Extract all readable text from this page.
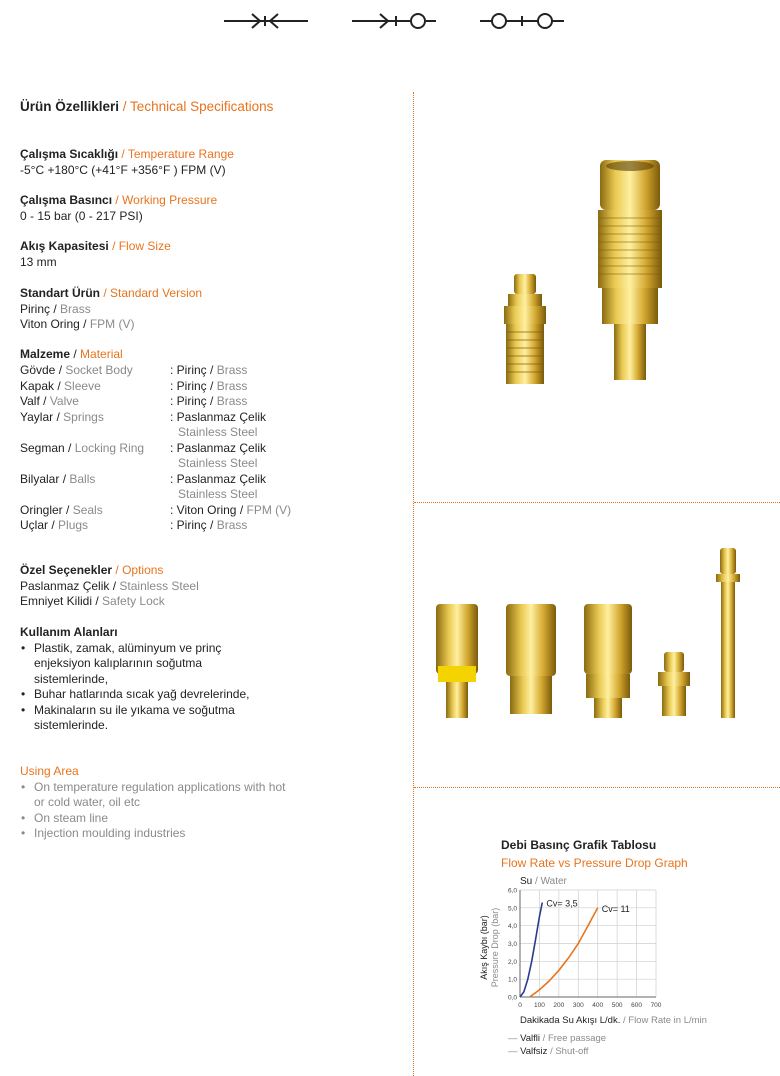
Ürün Özellikleri / Technical Specifications
Çalışma Sıcaklığı / Temperature Range
-5°C +180°C (+41°F +356°F ) FPM (V)
Çalışma Basıncı / Working Pressure
0 - 15 bar (0 - 217 PSI)
Akış Kapasitesi / Flow Size
13 mm
Standart Ürün / Standard Version
Pirinç / Brass
Viton Oring / FPM (V)
Malzeme / Material
Gövde / Socket Body	: Pirinç / Brass
Kapak / Sleeve	: Pirinç / Brass
Valf / Valve	: Pirinç / Brass
Yaylar / Springs	: Paslanmaz Çelik
Stainless Steel
Segman / Locking Ring : Paslanmaz Çelik
Stainless Steel
Bilyalar / Balls	: Paslanmaz Çelik
Stainless Steel
Oringler / Seals	: Viton Oring / FPM (V)
Uçlar / Plugs	: Pirinç / Brass
Özel Seçenekler / Options
Paslanmaz Çelik / Stainless Steel
Emniyet Kilidi / Safety Lock
Kullanım Alanları
• Plastik, zamak, alüminyum ve prinç enjeksiyon kalıplarının soğutma sistemlerinde,
• Buhar hatlarında sıcak yağ devrelerinde,
• Makinaların su ile yıkama ve soğutma sistemlerinde.
Using Area
• On temperature regulation applications with hot or cold water, oil etc
• On steam line
• Injection moulding industries
Debi Basınç Grafik Tablosu
Flow Rate vs Pressure Drop Graph
0,0
1,0
2,0
3,0
4,0
5,0
6,0
0 100 200 300 400 500 600 700
Su / Water
Akış Kaybı (bar) Pressure Drop (bar)
Dakikada Su Akışı L/dk. / Flow Rate in L/min
Cv= 3,5
Cv= 11
— Valfli / Free passage
— Valfsiz / Shut-off
